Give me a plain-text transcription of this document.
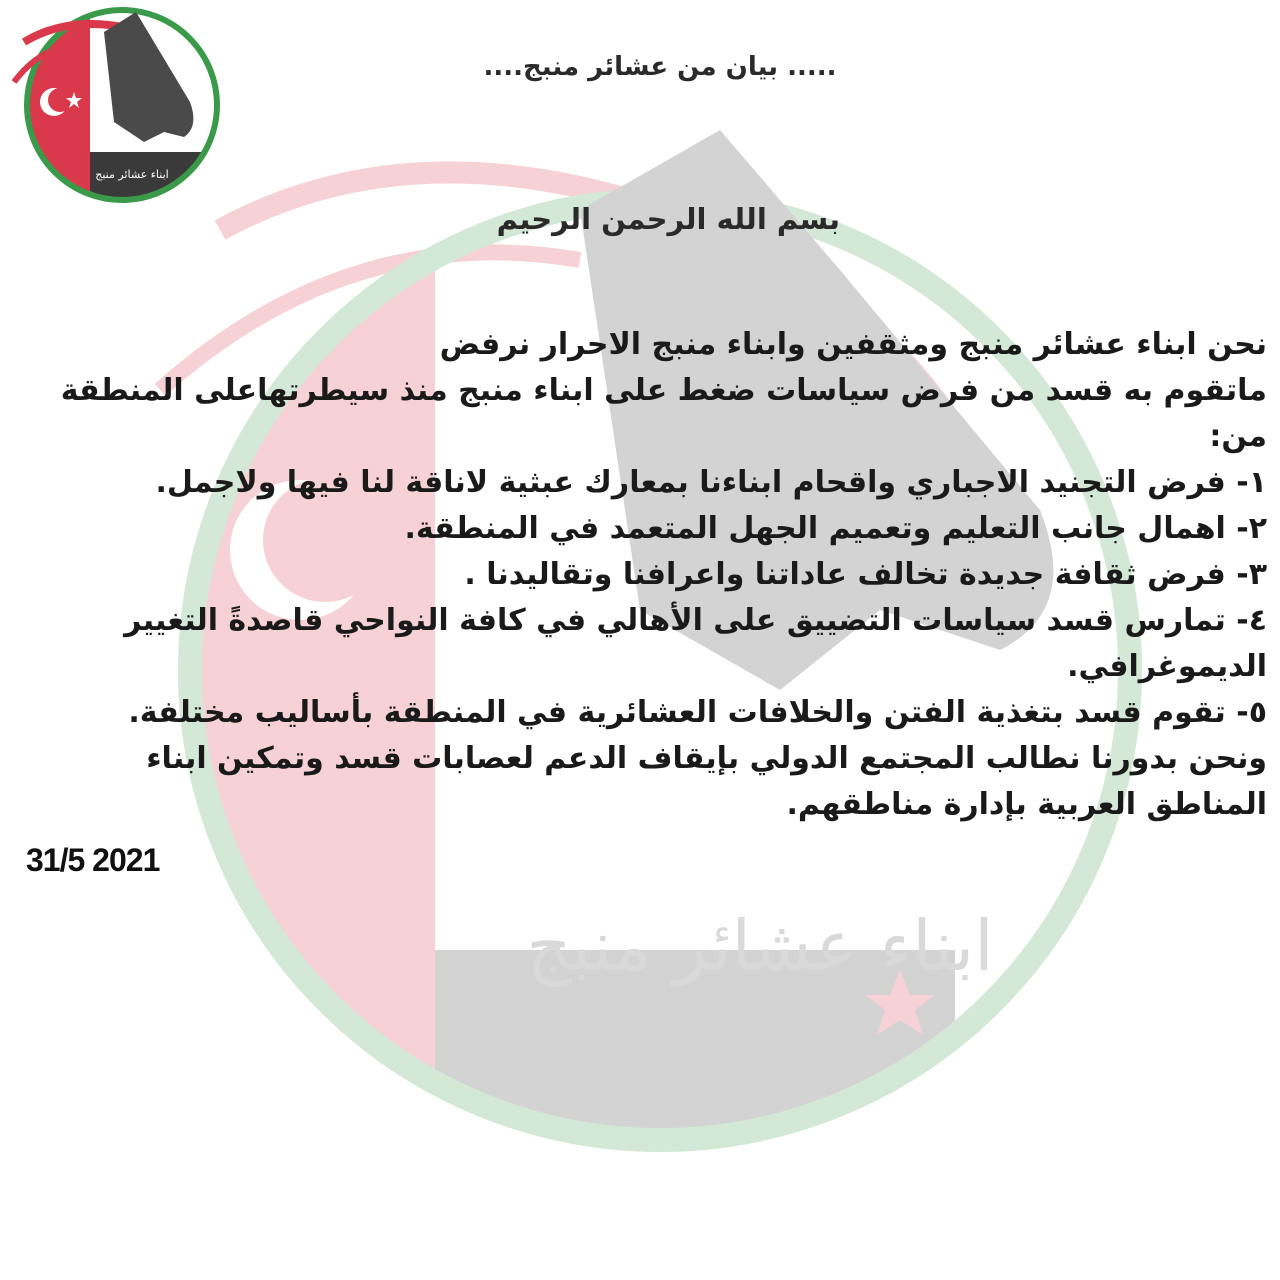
ابناء عشائر منبج
ابناء عشائر منبج
..... بيان من عشائر منبج....
بسم الله الرحمن الرحيم

نحن ابناء عشائر منبج ومثقفين وابناء منبج الاحرار نرفض

ماتقوم به قسد من فرض سياسات ضغط على ابناء منبج منذ سيطرتهاعلى المنطقة من:

١- فرض التجنيد الاجباري واقحام ابناءنا بمعارك عبثية لاناقة لنا فيها ولاجمل.

٢- اهمال جانب التعليم وتعميم الجهل المتعمد في المنطقة.

٣- فرض ثقافة جديدة تخالف عاداتنا واعرافنا وتقاليدنا .

٤- تمارس قسد سياسات التضييق على الأهالي في كافة النواحي قاصدةً التغيير الديموغرافي.

٥- تقوم قسد بتغذية الفتن والخلافات العشائرية في المنطقة بأساليب مختلفة.

ونحن بدورنا نطالب المجتمع الدولي بإيقاف الدعم لعصابات قسد وتمكين ابناء المناطق العربية بإدارة مناطقهم.

31/5 2021
